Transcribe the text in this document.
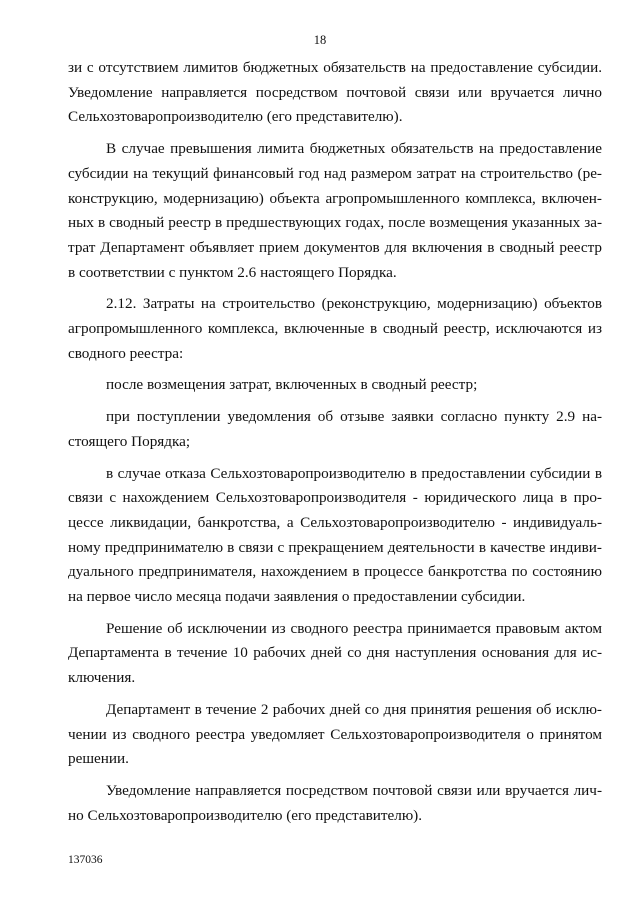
18
зи с отсутствием лимитов бюджетных обязательств на предоставление субсидии.
Уведомление направляется посредством почтовой связи или вручается лично
Сельхозтоваропроизводителю (его представителю).
В случае превышения лимита бюджетных обязательств на предоставление
субсидии на текущий финансовый год над размером затрат на строительство (ре-
конструкцию, модернизацию) объекта агропромышленного комплекса, включен-
ных в сводный реестр в предшествующих годах, после возмещения указанных за-
трат Департамент объявляет прием документов для включения в сводный реестр
в соответствии с пунктом 2.6 настоящего Порядка.
2.12. Затраты на строительство (реконструкцию, модернизацию) объектов
агропромышленного комплекса, включенные в сводный реестр, исключаются из
сводного реестра:
после возмещения затрат, включенных в сводный реестр;
при поступлении уведомления об отзыве заявки согласно пункту 2.9 на-
стоящего Порядка;
в случае отказа Сельхозтоваропроизводителю в предоставлении субсидии в
связи с нахождением Сельхозтоваропроизводителя - юридического лица в про-
цессе ликвидации, банкротства, а Сельхозтоваропроизводителю - индивидуаль-
ному предпринимателю в связи с прекращением деятельности в качестве индиви-
дуального предпринимателя, нахождением в процессе банкротства по состоянию
на первое число месяца подачи заявления о предоставлении субсидии.
Решение об исключении из сводного реестра принимается правовым актом
Департамента в течение 10 рабочих дней со дня наступления основания для ис-
ключения.
Департамент в течение 2 рабочих дней со дня принятия решения об исклю-
чении из сводного реестра уведомляет Сельхозтоваропроизводителя о принятом
решении.
Уведомление направляется посредством почтовой связи или вручается лич-
но Сельхозтоваропроизводителю (его представителю).
137036
